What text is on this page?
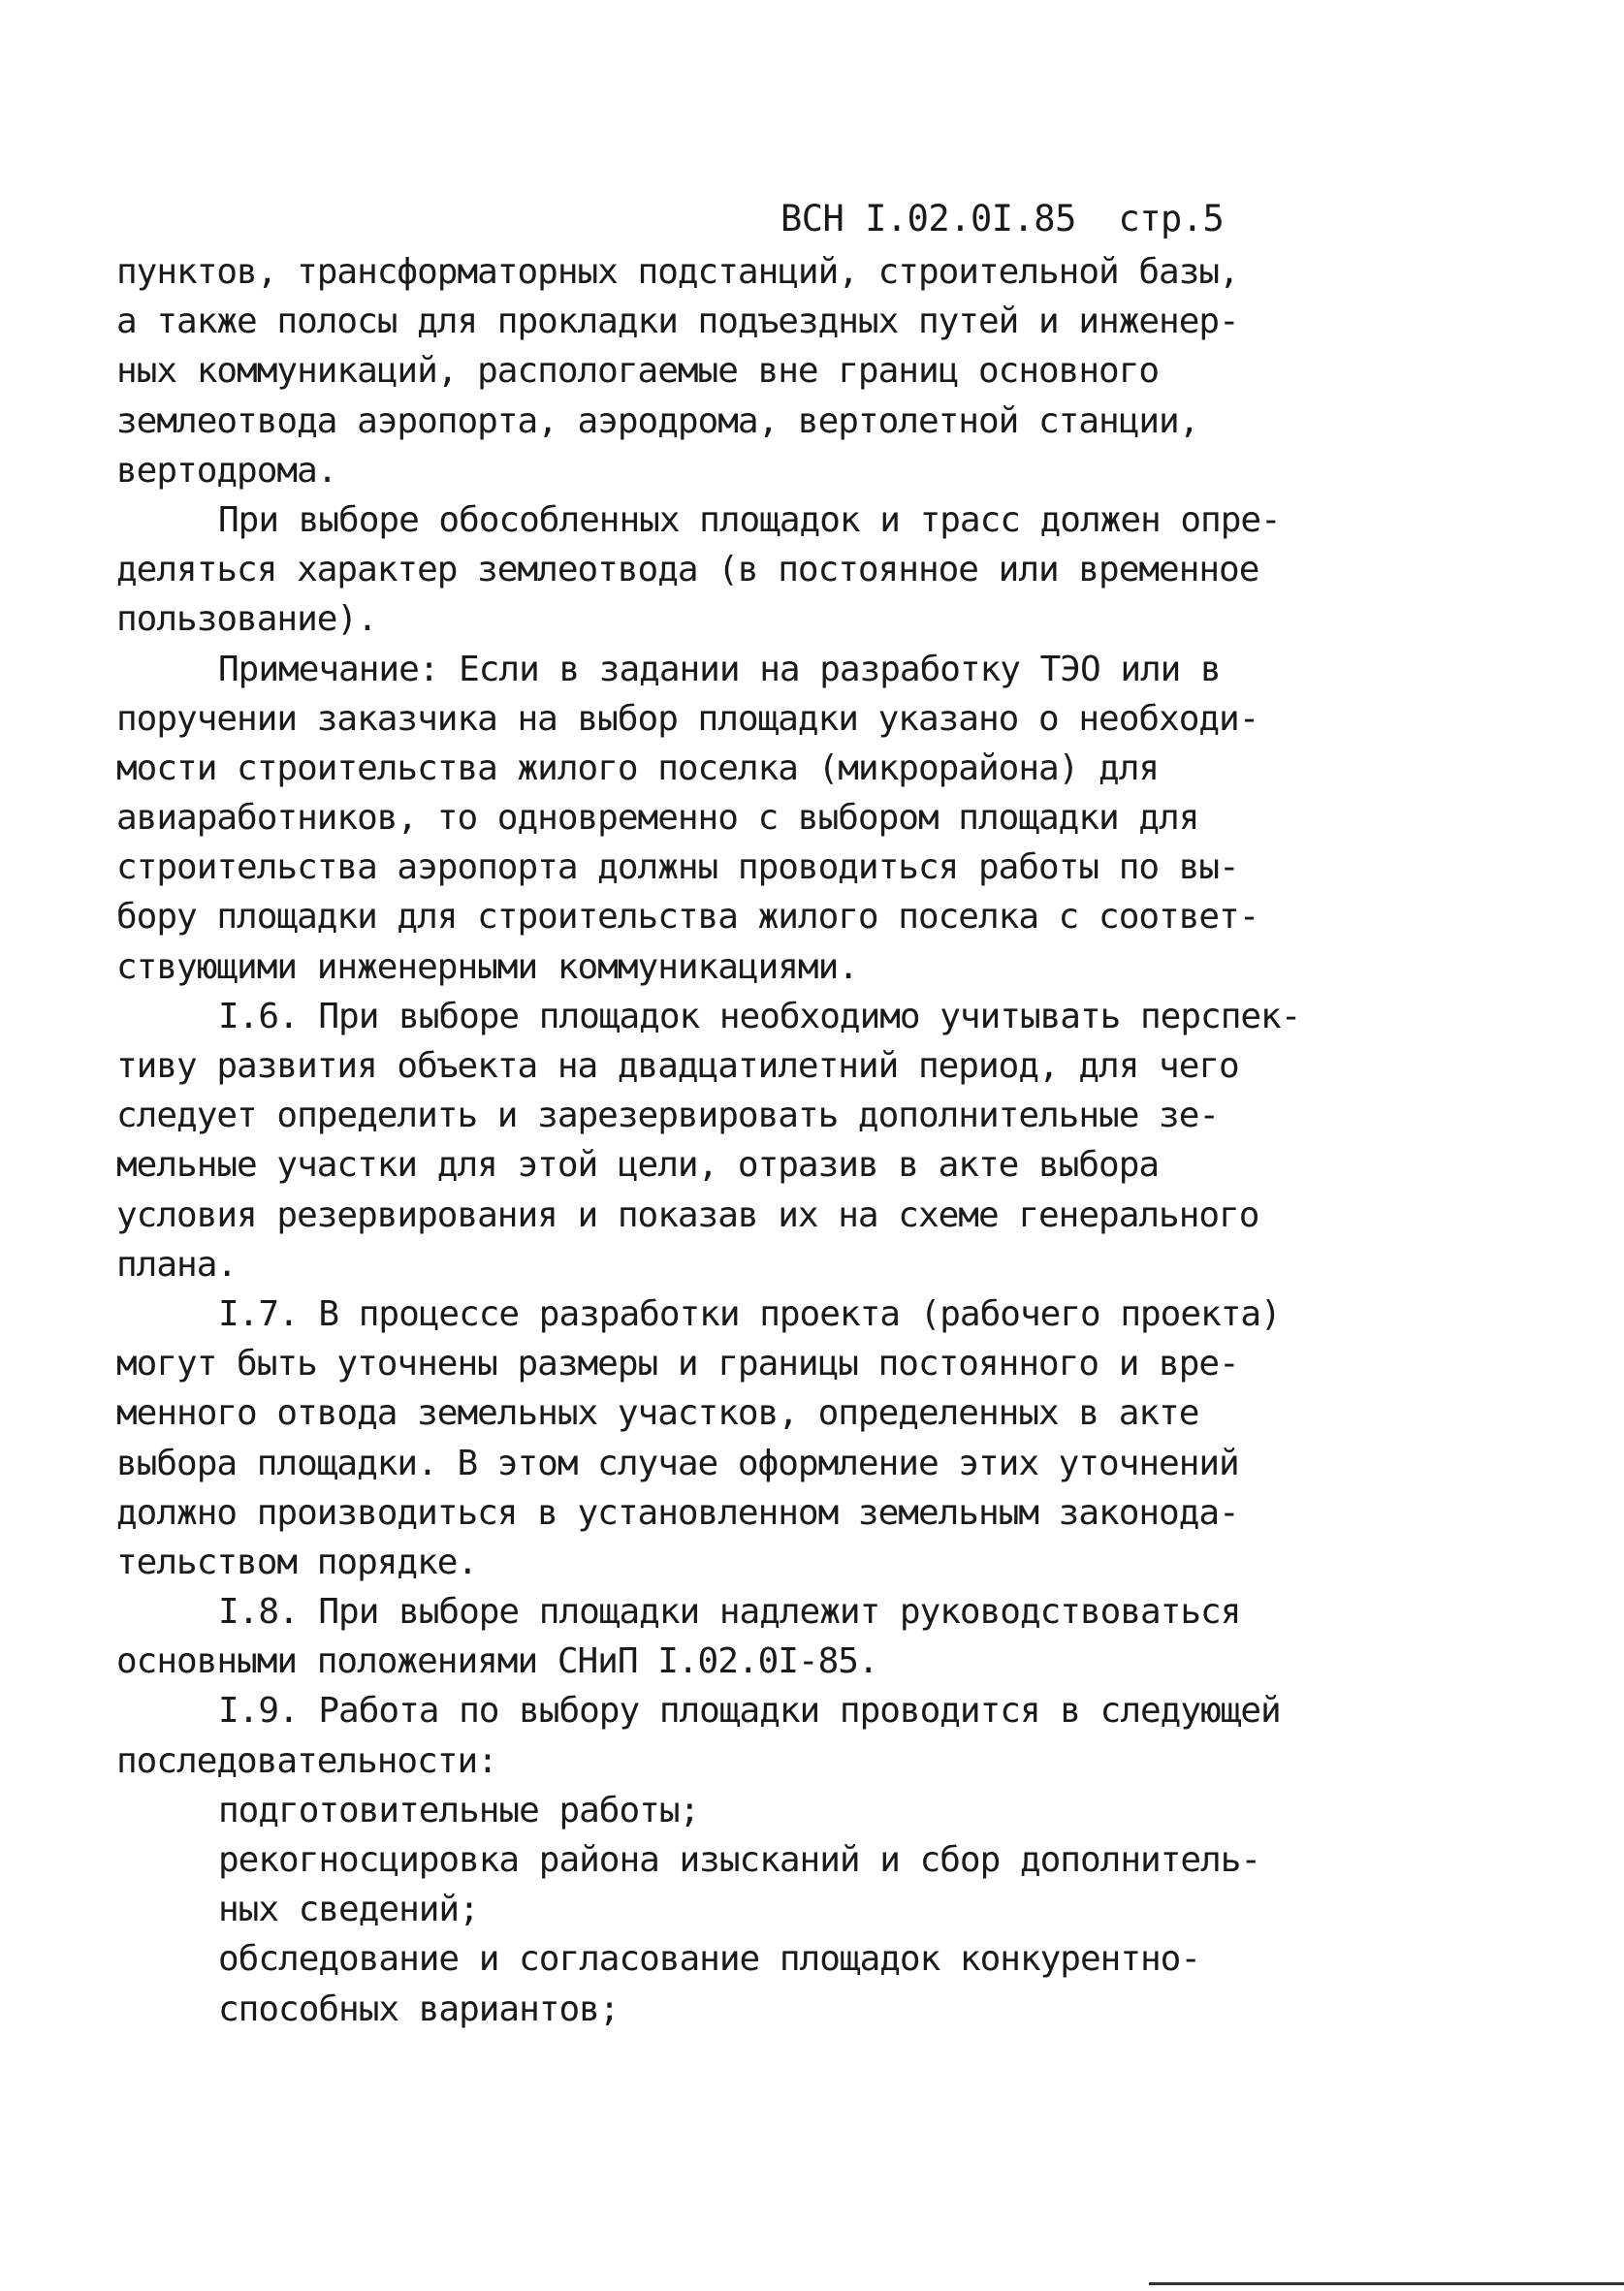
ВСН I.02.0I.85 стр.5
пунктов, трансформаторных подстанций, строительной базы,
а также полосы для прокладки подъездных путей и инженер-
ных коммуникаций, распологаемые вне границ основного
землеотвода аэропорта, аэродрома, вертолетной станции,
вертодрома.
При выборе обособленных площадок и трасс должен опре-
деляться характер землеотвода (в постоянное или временное
пользование).
Примечание: Если в задании на разработку ТЭО или в
поручении заказчика на выбор площадки указано о необходи-
мости строительства жилого поселка (микрорайона) для
авиаработников, то одновременно с выбором площадки для
строительства аэропорта должны проводиться работы по вы-
бору площадки для строительства жилого поселка с соответ-
ствующими инженерными коммуникациями.
I.6. При выборе площадок необходимо учитывать перспек-
тиву развития объекта на двадцатилетний период, для чего
следует определить и зарезервировать дополнительные зе-
мельные участки для этой цели, отразив в акте выбора
условия резервирования и показав их на схеме генерального
плана.
I.7. В процессе разработки проекта (рабочего проекта)
могут быть уточнены размеры и границы постоянного и вре-
менного отвода земельных участков, определенных в акте
выбора площадки. В этом случае оформление этих уточнений
должно производиться в установленном земельным законода-
тельством порядке.
I.8. При выборе площадки надлежит руководствоваться
основными положениями СНиП I.02.0I-85.
I.9. Работа по выбору площадки проводится в следующей
последовательности:
подготовительные работы;
рекогносцировка района изысканий и сбор дополнитель-
ных сведений;
обследование и согласование площадок конкурентно-
способных вариантов;
